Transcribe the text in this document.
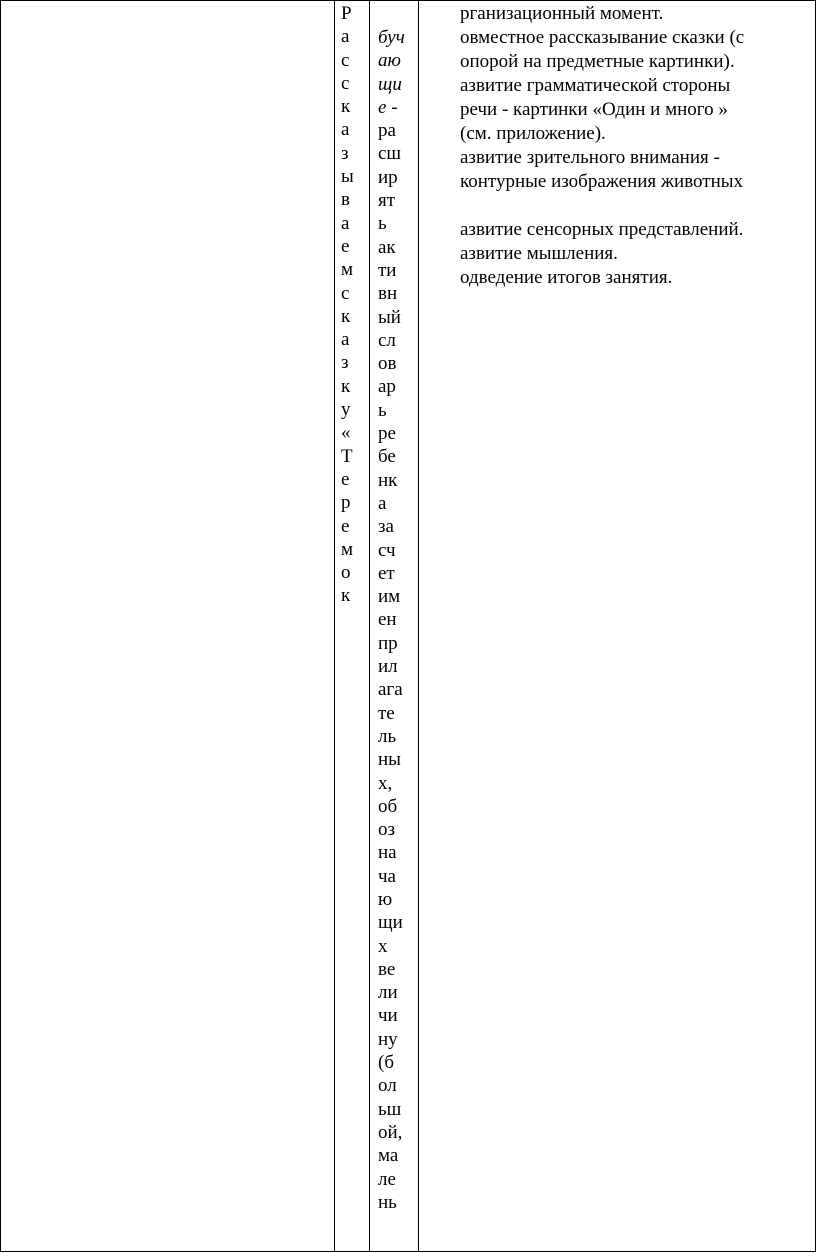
Р
а
с
с
к
а
з
ы
в
а
е
м
с
к
а
з
к
у
«
Т
е
р
е
м
о
к
буч
аю
щи
е -
ра
сш
ир
ят
ь
ак
ти
вн
ый
сл
ов
ар
ь
ре
бе
нк
а
за
сч
ет
им
ен
пр
ил
ага
те
ль
ны
х,
об
оз
на
ча
ю
щи
х
ве
ли
чи
ну
(б
ол
ьш
ой,
ма
ле
нь
рганизационный момент.
овместное рассказывание сказки (с
опорой на предметные картинки).
азвитие грамматической стороны
речи - картинки «Один и много »
(см. приложение).
азвитие зрительного внимания -
контурные изображения животных
азвитие сенсорных представлений.
азвитие мышления.
одведение итогов занятия.
